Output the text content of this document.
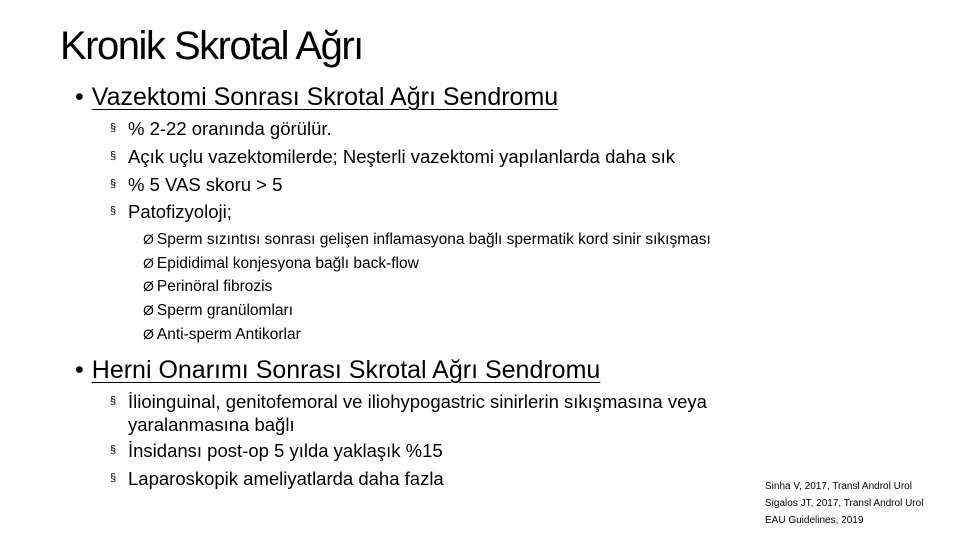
Kronik Skrotal Ağrı
• Vazektomi Sonrası Skrotal Ağrı Sendromu
§ % 2-22 oranında görülür.
§ Açık uçlu vazektomilerde; Neşterli vazektomi yapılanlarda daha sık
§ % 5 VAS skoru > 5
§ Patofizyoloji;
Ø Sperm sızıntısı sonrası gelişen inflamasyona bağlı spermatik kord sinir sıkışması
Ø Epididimal konjesyona bağlı back-flow
Ø Perinöral fibrozis
Ø Sperm granülomları
Ø Anti-sperm Antikorlar
• Herni Onarımı Sonrası Skrotal Ağrı Sendromu
§ İlioinguinal, genitofemoral ve iliohypogastric sinirlerin sıkışmasına veya yaralanmasına bağlı
§ İnsidansı post-op 5 yılda yaklaşık %15
§ Laparoskopik ameliyatlarda daha fazla	Sinha V, 2017, Transl Androl Urol
Sigalos JT, 2017, Transl Androl Urol
EAU Guidelines, 2019
